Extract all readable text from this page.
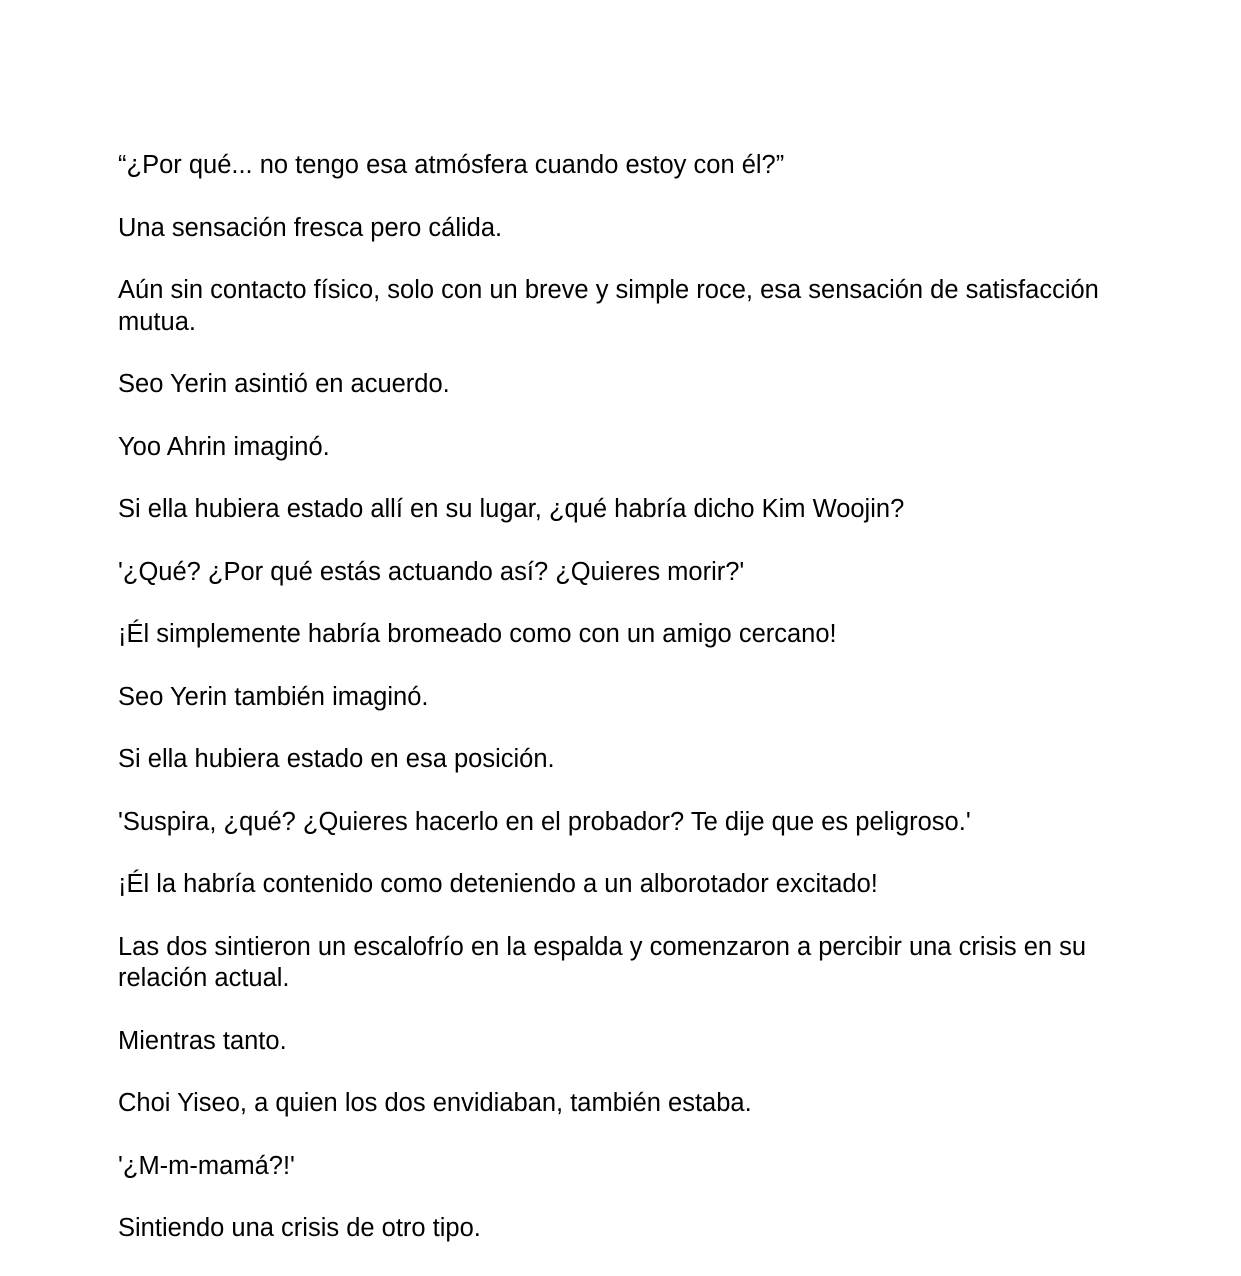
“¿Por qué... no tengo esa atmósfera cuando estoy con él?”

Una sensación fresca pero cálida.

Aún sin contacto físico, solo con un breve y simple roce, esa sensación de satisfacción mutua.

Seo Yerin asintió en acuerdo.

Yoo Ahrin imaginó.

Si ella hubiera estado allí en su lugar, ¿qué habría dicho Kim Woojin?

'¿Qué? ¿Por qué estás actuando así? ¿Quieres morir?'

¡Él simplemente habría bromeado como con un amigo cercano!

Seo Yerin también imaginó.

Si ella hubiera estado en esa posición.

'Suspira, ¿qué? ¿Quieres hacerlo en el probador? Te dije que es peligroso.'

¡Él la habría contenido como deteniendo a un alborotador excitado!

Las dos sintieron un escalofrío en la espalda y comenzaron a percibir una crisis en su relación actual.

Mientras tanto.

Choi Yiseo, a quien los dos envidiaban, también estaba.

'¿M-m-mamá?!'

Sintiendo una crisis de otro tipo.
